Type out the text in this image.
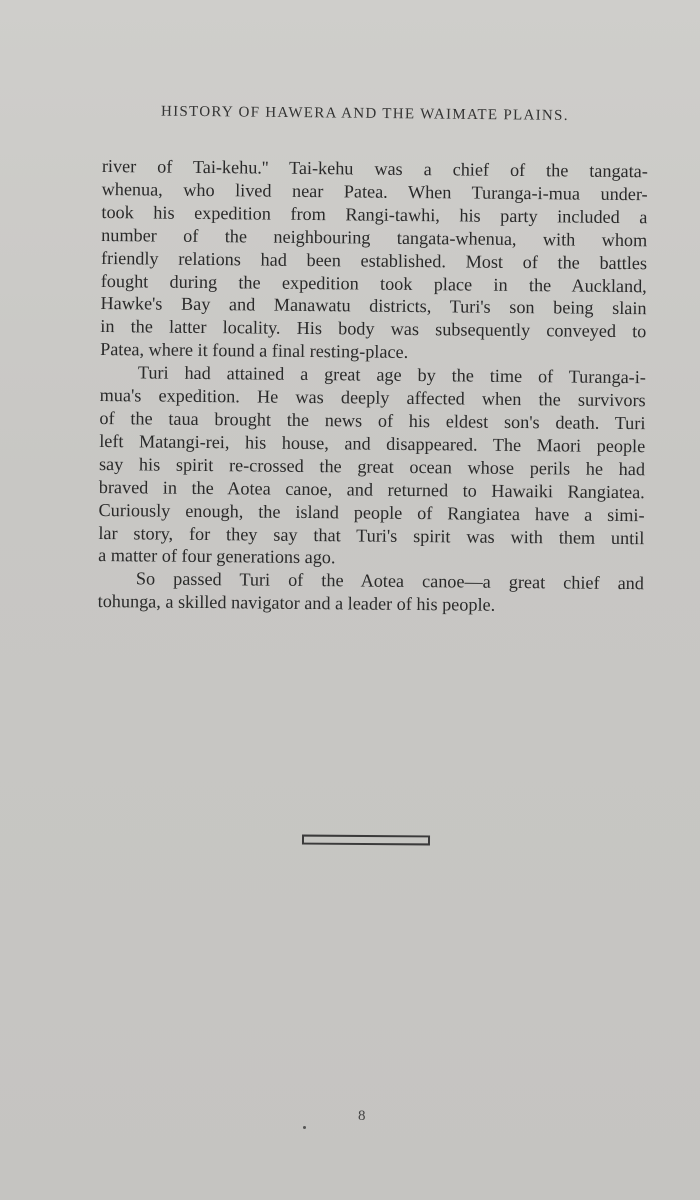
HISTORY OF HAWERA AND THE WAIMATE PLAINS.
river of Tai-kehu.'' Tai-kehu was a chief of the tangata-
whenua, who lived near Patea. When Turanga-i-mua under-
took his expedition from Rangi-tawhi, his party included a
number of the neighbouring tangata-whenua, with whom
friendly relations had been established. Most of the battles
fought during the expedition took place in the Auckland,
Hawke's Bay and Manawatu districts, Turi's son being slain
in the latter locality. His body was subsequently conveyed to
Patea, where it found a final resting-place.
Turi had attained a great age by the time of Turanga-i-
mua's expedition. He was deeply affected when the survivors
of the taua brought the news of his eldest son's death. Turi
left Matangi-rei, his house, and disappeared. The Maori people
say his spirit re-crossed the great ocean whose perils he had
braved in the Aotea canoe, and returned to Hawaiki Rangiatea.
Curiously enough, the island people of Rangiatea have a simi-
lar story, for they say that Turi's spirit was with them until
a matter of four generations ago.
So passed Turi of the Aotea canoe—a great chief and
tohunga, a skilled navigator and a leader of his people.
8
